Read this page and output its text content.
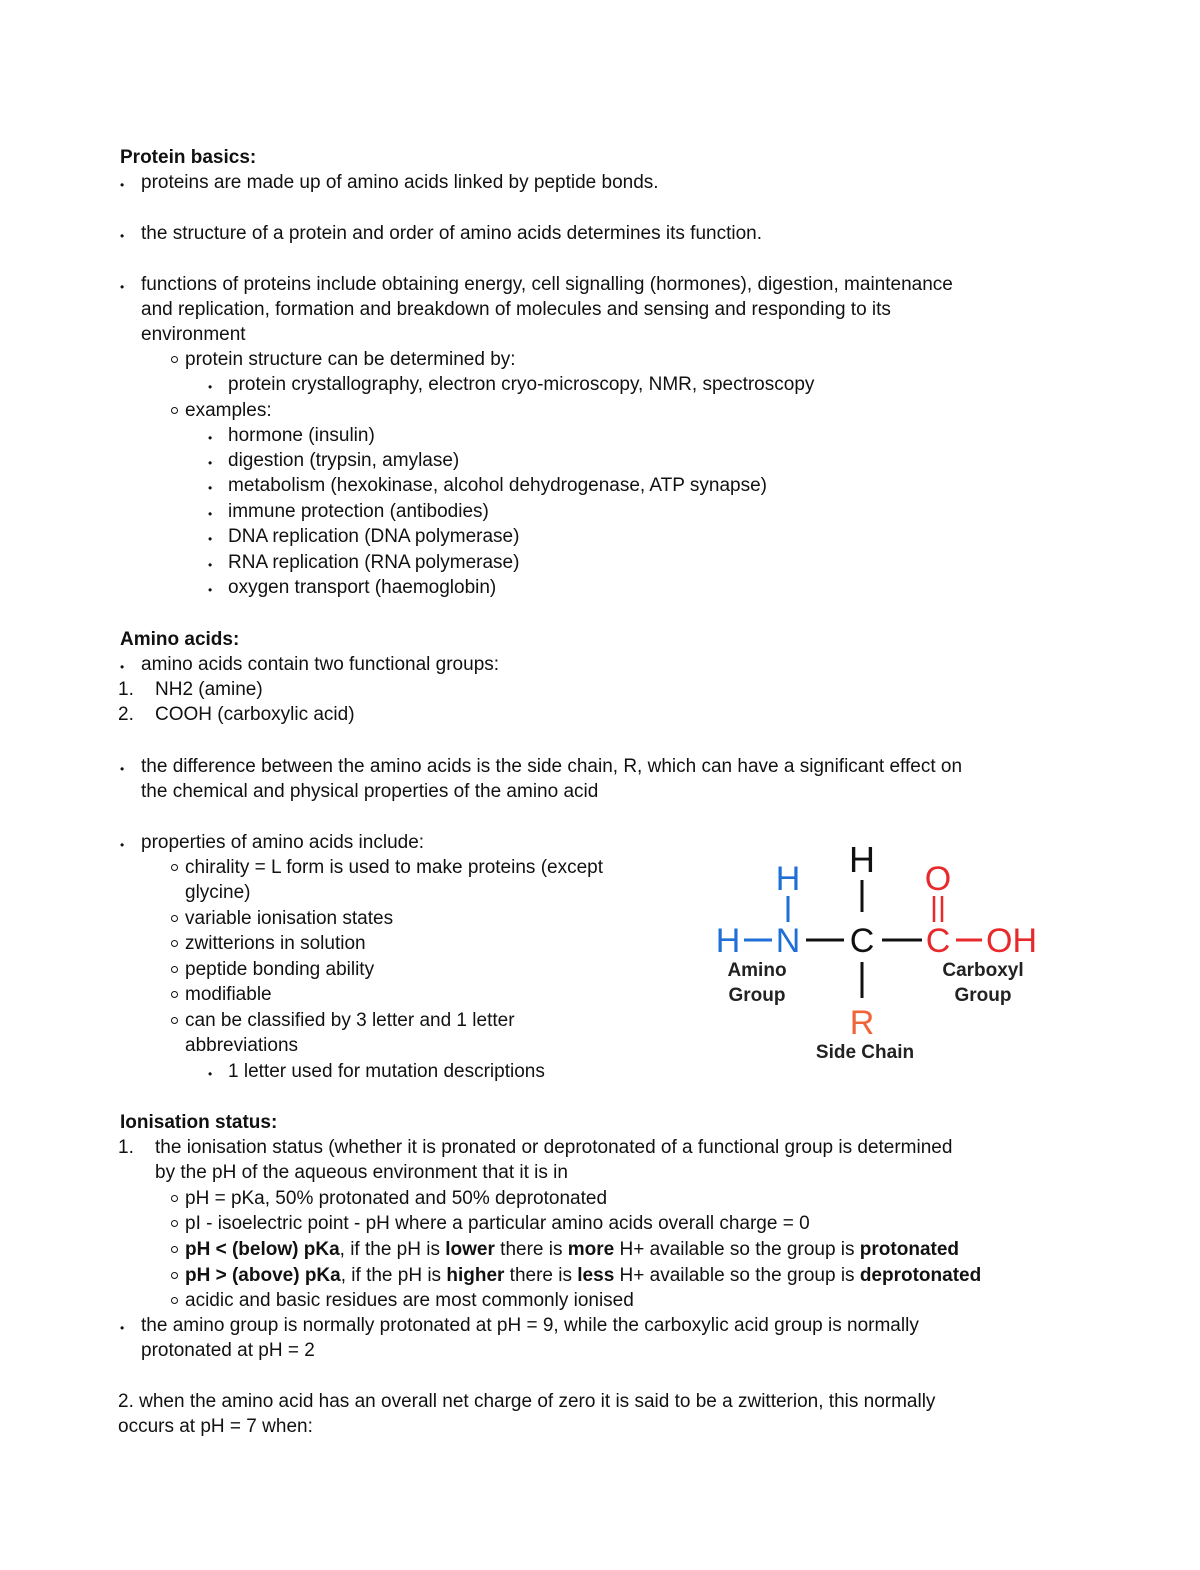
Protein basics:
• proteins are made up of amino acids linked by peptide bonds.
• the structure of a protein and order of amino acids determines its function.
• functions of proteins include obtaining energy, cell signalling (hormones), digestion, maintenance
and replication, formation and breakdown of molecules and sensing and responding to its
environment
protein structure can be determined by:
• protein crystallography, electron cryo-microscopy, NMR, spectroscopy
examples:
• hormone (insulin)
• digestion (trypsin, amylase)
• metabolism (hexokinase, alcohol dehydrogenase, ATP synapse)
• immune protection (antibodies)
• DNA replication (DNA polymerase)
• RNA replication (RNA polymerase)
• oxygen transport (haemoglobin)
Amino acids:
• amino acids contain two functional groups:
1. NH2 (amine)
2. COOH (carboxylic acid)
• the difference between the amino acids is the side chain, R, which can have a significant effect on
the chemical and physical properties of the amino acid
• properties of amino acids include:
chirality = L form is used to make proteins (except
glycine)
variable ionisation states
zwitterions in solution
peptide bonding ability
modifiable
can be classified by 3 letter and 1 letter
abbreviations
• 1 letter used for mutation descriptions
H
H
H N C
O
C OH
R
Amino
Group
Carboxyl
Group
Side Chain
Ionisation status:
1. the ionisation status (whether it is pronated or deprotonated of a functional group is determined
by the pH of the aqueous environment that it is in
pH = pKa, 50% protonated and 50% deprotonated
pI - isoelectric point - pH where a particular amino acids overall charge = 0
pH < (below) pKa, if the pH is lower there is more H+ available so the group is protonated
pH > (above) pKa, if the pH is higher there is less H+ available so the group is deprotonated
acidic and basic residues are most commonly ionised
• the amino group is normally protonated at pH = 9, while the carboxylic acid group is normally
protonated at pH = 2
2. when the amino acid has an overall net charge of zero it is said to be a zwitterion, this normally
occurs at pH = 7 when:
